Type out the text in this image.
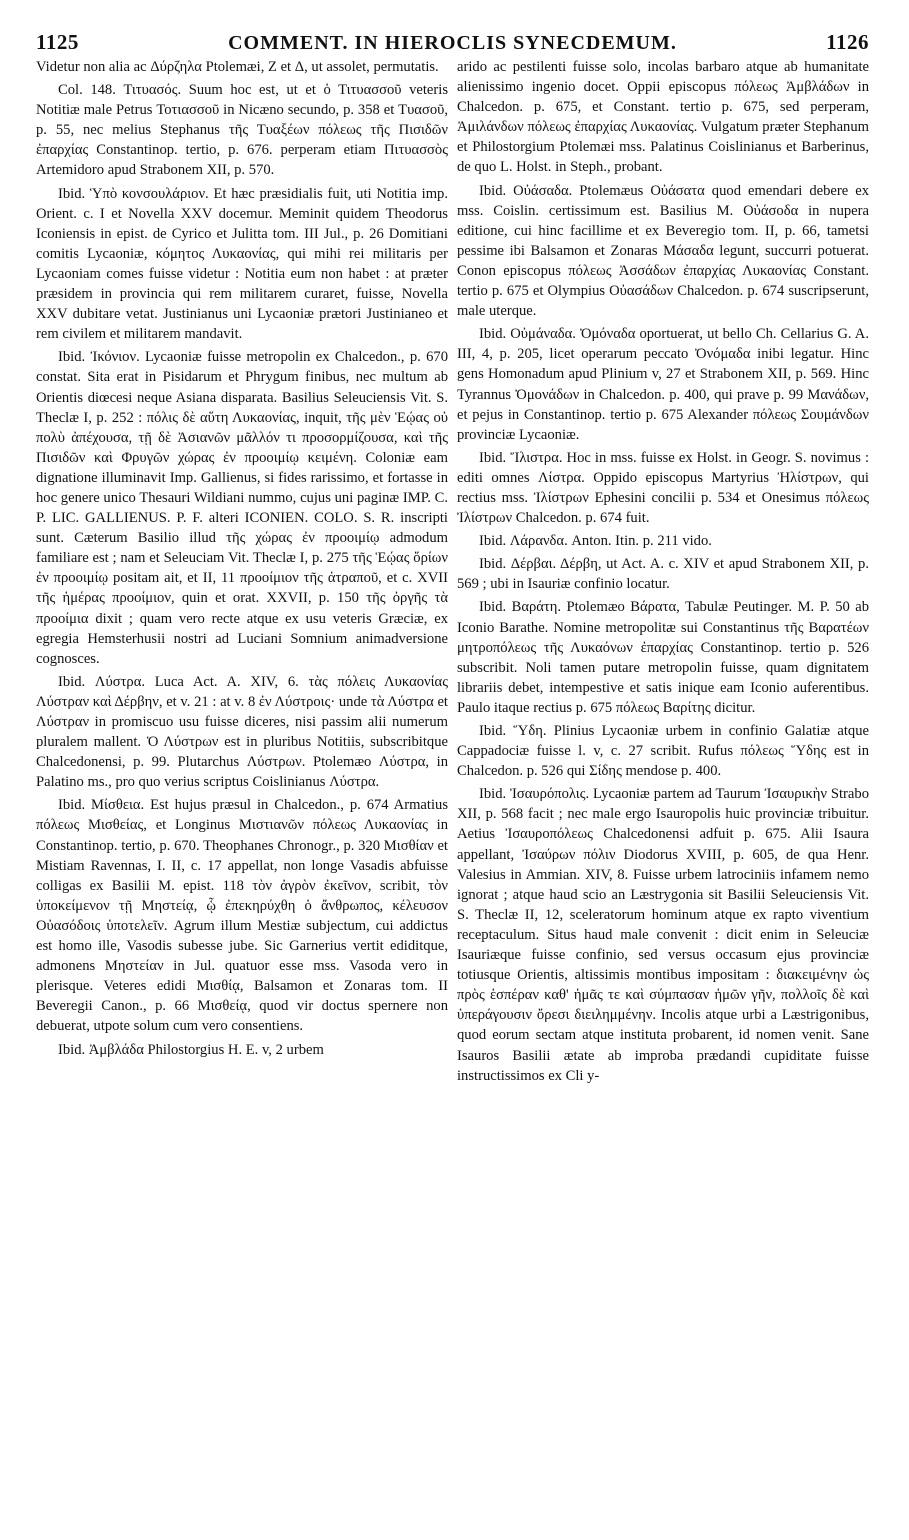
1125	COMMENT. IN HIEROCLIS SYNECDEMUM.	1126

Videtur non alia ac Δύρζηλα Ptolemæi, Z et Δ, ut assolet, permutatis.

Col. 148. Τιτυασός. Suum hoc est, ut et ὁ Τιτυασσοῦ veteris Notitiæ male Petrus Τοτιασσοῦ in Nicæno secundo, p. 358 et Τυασοῦ, p. 55, nec melius Stephanus τῆς Τυαξέων πόλεως τῆς Πισιδῶν ἐπαρχίας Constantinop. tertio, p. 676. perperam etiam Πιτυασσὸς Artemidoro apud Strabonem XII, p. 570.

Ibid. Ὑπὸ κονσουλάριον. Et hæc præsidialis fuit, uti Notitia imp. Orient. c. I et Novella XXV docemur. Meminit quidem Theodorus Iconiensis in epist. de Cyrico et Julitta tom. III Jul., p. 26 Domitiani comitis Lycaoniæ, κόμητος Λυκαονίας, qui mihi rei militaris per Lycaoniam comes fuisse videtur : Notitia eum non habet : at præter præsidem in provincia qui rem militarem curaret, fuisse, Novella XXV dubitare vetat. Justinianus uni Lycaoniæ prætori Justinianeo et rem civilem et militarem mandavit.

Ibid. Ἰκόνιον. Lycaoniæ fuisse metropolin ex Chalcedon., p. 670 constat. Sita erat in Pisidarum et Phrygum finibus, nec multum ab Orientis diœcesi neque Asiana disparata. Basilius Seleuciensis Vit. S. Theclæ I, p. 252 : πόλις δὲ αὕτη Λυκαονίας, inquit, τῆς μὲν Ἑῴας οὐ πολὺ ἀπέχουσα, τῇ δὲ Ἀσιανῶν μᾶλλόν τι προσορμίζουσα, καὶ τῆς Πισιδῶν καὶ Φρυγῶν χώρας ἐν προοιμίῳ κειμένη. Coloniæ eam dignatione illuminavit Imp. Gallienus, si fides rarissimo, et fortasse in hoc genere unico Thesauri Wildiani nummo, cujus uni paginæ IMP. C. P. LIC. GALLIENUS. P. F. alteri ICONIEN. COLO. S. R. inscripti sunt. Cæterum Basilio illud τῆς χώρας ἐν προοιμίῳ admodum familiare est ; nam et Seleuciam Vit. Theclæ I, p. 275 τῆς Ἑῴας ὅρίων ἐν προοιμίῳ positam ait, et II, 11 προοίμιον τῆς ἀτραποῦ, et c. XVII τῆς ἡμέρας προοίμιον, quin et orat. XXVII, p. 150 τῆς ὀργῆς τὰ προοίμια dixit ; quam vero recte atque ex usu veteris Græciæ, ex egregia Hemsterhusii nostri ad Luciani Somnium animadversione cognosces.

Ibid. Λύστρα. Luca Act. A. XIV, 6. τὰς πόλεις Λυκαονίας Λύστραν καὶ Δέρβην, et v. 21 : at v. 8 ἐν Λύστροις· unde τὰ Λύστρα et Λύστραν in promiscuo usu fuisse diceres, nisi passim alii numerum pluralem mallent. Ὁ Λύστρων est in pluribus Notitiis, subscribitque Chalcedonensi, p. 99. Plutarchus Λύστρων. Ptolemæo Λύστρα, in Palatino ms., pro quo verius scriptus Coislinianus Λύστρα.

Ibid. Μίσθεια. Est hujus præsul in Chalcedon., p. 674 Armatius πόλεως Μισθείας, et Longinus Μιστιανῶν πόλεως Λυκαονίας in Constantinop. tertio, p. 670. Theophanes Chronogr., p. 320 Μισθίαν et Mistiam Ravennas, I. II, c. 17 appellat, non longe Vasadis abfuisse colligas ex Basilii M. epist. 118 τὸν ἀγρὸν ἐκεῖνον, scribit, τὸν ὑποκείμενον τῇ Μηστείᾳ, ᾧ ἐπεκηρύχθη ὁ ἄνθρωπος, κέλευσον Οὐασόδοις ὑποτελεῖν. Agrum illum Mestiæ subjectum, cui addictus est homo ille, Vasodis subesse jube. Sic Garnerius vertit ediditque, admonens Μηστείαν in Jul. quatuor esse mss. Vasoda vero in plerisque. Veteres edidi Μισθίᾳ, Balsamon et Zonaras tom. II Beveregii Canon., p. 66 Μισθείᾳ, quod vir doctus spernere non debuerat, utpote solum cum vero consentiens.

Ibid. Ἀμβλάδα Philostorgius H. E. v, 2 urbem

arido ac pestilenti fuisse solo, incolas barbaro atque ab humanitate alienissimo ingenio docet. Oppii episcopus πόλεως Ἀμβλάδων in Chalcedon. p. 675, et Constant. tertio p. 675, sed perperam, Ἀμιλάνδων πόλεως ἐπαρχίας Λυκαονίας. Vulgatum præter Stephanum et Philostorgium Ptolemæi mss. Palatinus Coislinianus et Barberinus, de quo L. Holst. in Steph., probant.

Ibid. Οὐάσαδα. Ptolemæus Οὐάσατα quod emendari debere ex mss. Coislin. certissimum est. Basilius M. Οὐάσοδα in nupera editione, cui hinc facillime et ex Beveregio tom. II, p. 66, tametsi pessime ibi Balsamon et Zonaras Μάσαδα legunt, succurri potuerat. Conon episcopus πόλεως Ἀσσάδων ἐπαρχίας Λυκαονίας Constant. tertio p. 675 et Olympius Οὐασάδων Chalcedon. p. 674 suscripserunt, male uterque.

Ibid. Οὐμάναδα. Ὀμόναδα oportuerat, ut bello Ch. Cellarius G. A. III, 4, p. 205, licet operarum peccato Ὀνόμαδα inibi legatur. Hinc gens Homonadum apud Plinium v, 27 et Strabonem XII, p. 569. Hinc Tyrannus Ὀμονάδων in Chalcedon. p. 400, qui prave p. 99 Μανάδων, et pejus in Constantinop. tertio p. 675 Alexander πόλεως Σουμάνδων provinciæ Lycaoniæ.

Ibid. Ἴλιστρα. Hoc in mss. fuisse ex Holst. in Geogr. S. novimus : editi omnes Λίστρα. Oppido episcopus Martyrius Ἠλίστρων, qui rectius mss. Ἰλίστρων Ephesini concilii p. 534 et Onesimus πόλεως Ἰλίστρων Chalcedon. p. 674 fuit.

Ibid. Λάρανδα. Anton. Itin. p. 211 vido.

Ibid. Δέρβαι. Δέρβη, ut Act. A. c. XIV et apud Strabonem XII, p. 569 ; ubi in Isauriæ confinio locatur.

Ibid. Βαράτη. Ptolemæo Βάρατα, Tabulæ Peutinger. M. P. 50 ab Iconio Barathe. Nomine metropolitæ sui Constantinus τῆς Βαρατέων μητροπόλεως τῆς Λυκαόνων ἐπαρχίας Constantinop. tertio p. 526 subscribit. Noli tamen putare metropolin fuisse, quam dignitatem librariis debet, intempestive et satis inique eam Iconio auferentibus. Paulo itaque rectius p. 675 πόλεως Βαρίτης dicitur.

Ibid. Ὕδη. Plinius Lycaoniæ urbem in confinio Galatiæ atque Cappadociæ fuisse l. v, c. 27 scribit. Rufus πόλεως Ὕδης est in Chalcedon. p. 526 qui Σίδης mendose p. 400.

Ibid. Ἰσαυρόπολις. Lycaoniæ partem ad Taurum Ἰσαυρικὴν Strabo XII, p. 568 facit ; nec male ergo Isauropolis huic provinciæ tribuitur. Aetius Ἰσαυροπόλεως Chalcedonensi adfuit p. 675. Alii Isaura appellant, Ἰσαύρων πόλιν Diodorus XVIII, p. 605, de qua Henr. Valesius in Ammian. XIV, 8. Fuisse urbem latrociniis infamem nemo ignorat ; atque haud scio an Læstrygonia sit Basilii Seleuciensis Vit. S. Theclæ II, 12, sceleratorum hominum atque ex rapto viventium receptaculum. Situs haud male convenit : dicit enim in Seleuciæ Isauriæque fuisse confinio, sed versus occasum ejus provinciæ totiusque Orientis, altissimis montibus impositam : διακειμένην ὡς πρὸς ἑσπέραν καθ' ἡμᾶς τε καὶ σύμπασαν ἡμῶν γῆν, πολλοῖς δὲ καὶ ὑπεράγουσιν ὄρεσι διειλημμένην. Incolis atque urbi a Læstrigonibus, quod eorum sectam atque instituta probarent, id nomen venit. Sane Isauros Basilii ætate ab improba prædandi cupiditate fuisse instructissimos ex Cli y-
